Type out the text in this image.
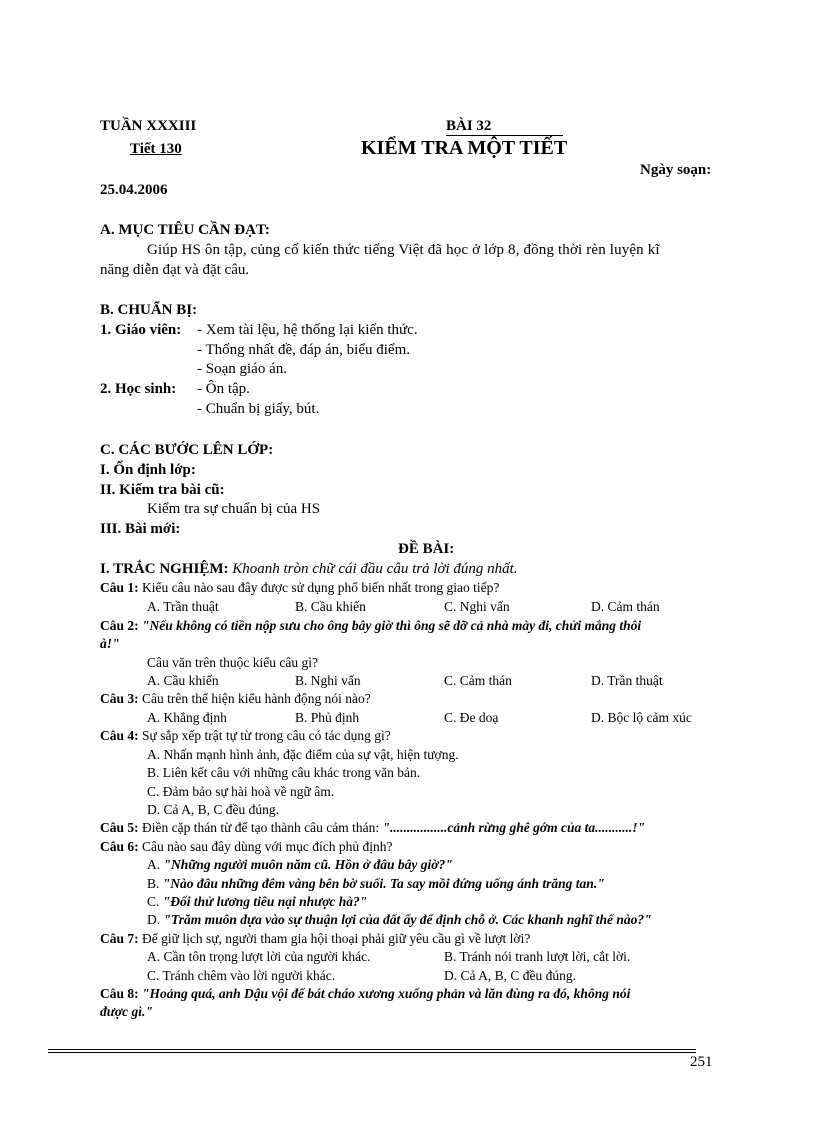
TUẦN XXXIII
Tiết 130
25.04.2006
BÀI 32
KIỂM TRA MỘT TIẾT
Ngày soạn:
A. MỤC TIÊU CẦN ĐẠT:
Giúp HS ôn tập, củng cố kiến thức tiếng Việt đã học ở lớp 8, đồng thời rèn luyện kĩ
năng diễn đạt và đặt câu.
B. CHUẨN BỊ:
1. Giáo viên: - Xem tài lệu, hệ thống lại kiến thức.
- Thống nhất đề, đáp án, biểu điểm.
- Soạn giáo án.
2. Học sinh: - Ôn tập.
- Chuẩn bị giấy, bút.
C. CÁC BƯỚC LÊN LỚP:
I. Ổn định lớp:
II. Kiểm tra bài cũ:
Kiểm tra sự chuẩn bị của HS
III. Bài mới:
ĐỀ BÀI:
I. TRẮC NGHIỆM: Khoanh tròn chữ cái đầu câu trả lời đúng nhất.
Câu 1: Kiểu câu nào sau đây được sử dụng phổ biến nhất trong giao tiếp?
A. Trần thuật	B. Cầu khiến	C. Nghi vấn	D. Cảm thán
Câu 2: "Nếu không có tiền nộp sưu cho ông bây giờ thì ông sẽ dỡ cả nhà mày đi, chửi mắng thôi
à!"
Câu văn trên thuộc kiểu câu gì?
A. Cầu khiến	B. Nghi vấn	C. Cảm thán	D. Trần thuật
Câu 3: Câu trên thể hiện kiểu hành động nói nào?
A. Khẳng định	B. Phủ định	C. Đe doạ	D. Bộc lộ cảm xúc
Câu 4: Sự sắp xếp trật tự từ trong câu có tác dụng gì?
A. Nhấn mạnh hình ảnh, đặc điểm của sự vật, hiện tượng.
B. Liên kết câu với những câu khác trong văn bản.
C. Đảm bảo sự hài hoà về ngữ âm.
D. Cả A, B, C đều đúng.
Câu 5: Điền cặp thán từ để tạo thành câu cảm thán: ".................cảnh rừng ghê gớm của ta...........!"
Câu 6: Câu nào sau đây dùng với mục đích phủ định?
A. "Những người muôn năm cũ. Hồn ở đâu bây giờ?"
B. "Nào đâu những đêm vàng bên bờ suối. Ta say mồi đứng uống ánh trăng tan."
C. "Đối thử lương tiêu nại nhược hà?"
D. "Trăm muôn dựa vào sự thuận lợi của đất ấy để định chỗ ở. Các khanh nghĩ thế nào?"
Câu 7: Để giữ lịch sự, người tham gia hội thoại phải giữ yêu cầu gì về lượt lời?
A. Cần tôn trọng lượt lời của người khác.	B. Tránh nói tranh lượt lời, cắt lời.
C. Tránh chêm vào lời người khác.	D. Cả A, B, C đều đúng.
Câu 8: "Hoảng quá, anh Dậu vội để bát cháo xương xuống phản và lăn đùng ra đó, không nói
được gì."
251
